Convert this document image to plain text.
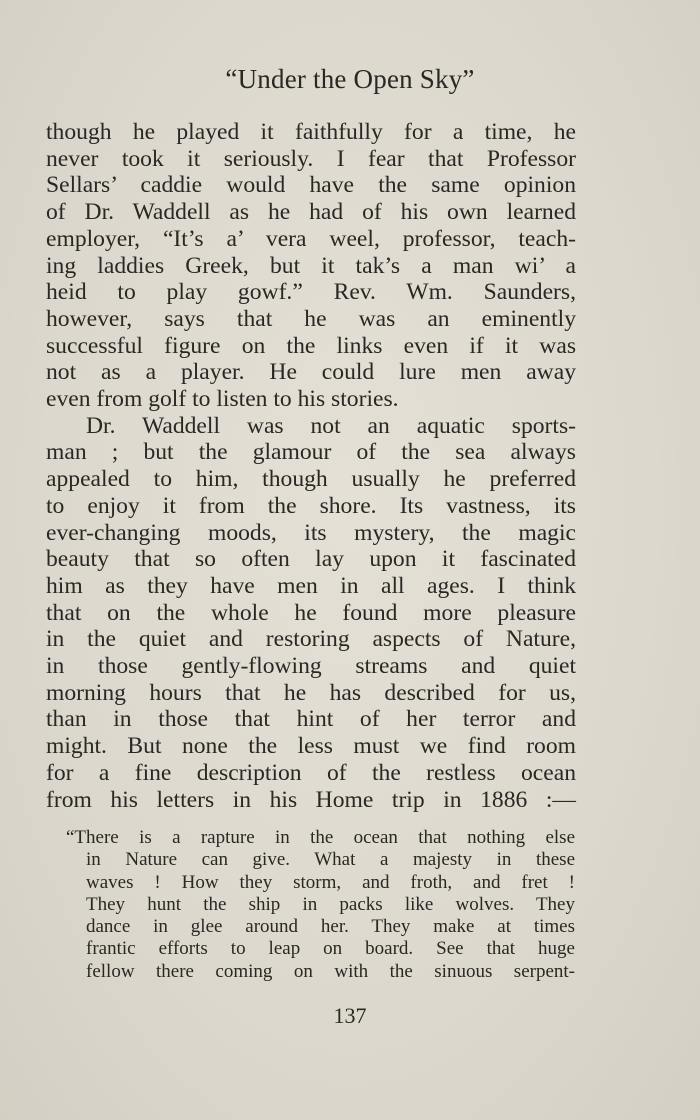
“Under the Open Sky”
though he played it faithfully for a time, he
never took it seriously. I fear that Professor
Sellars’ caddie would have the same opinion
of Dr. Waddell as he had of his own learned
employer, “It’s a’ vera weel, professor, teach-
ing laddies Greek, but it tak’s a man wi’ a
heid to play gowf.” Rev. Wm. Saunders,
however, says that he was an eminently
successful figure on the links even if it was
not as a player. He could lure men away
even from golf to listen to his stories.
Dr. Waddell was not an aquatic sports-
man ; but the glamour of the sea always
appealed to him, though usually he preferred
to enjoy it from the shore. Its vastness, its
ever-changing moods, its mystery, the magic
beauty that so often lay upon it fascinated
him as they have men in all ages. I think
that on the whole he found more pleasure
in the quiet and restoring aspects of Nature,
in those gently-flowing streams and quiet
morning hours that he has described for us,
than in those that hint of her terror and
might. But none the less must we find room
for a fine description of the restless ocean
from his letters in his Home trip in 1886 :—
“There is a rapture in the ocean that nothing else
in Nature can give. What a majesty in these
waves ! How they storm, and froth, and fret !
They hunt the ship in packs like wolves. They
dance in glee around her. They make at times
frantic efforts to leap on board. See that huge
fellow there coming on with the sinuous serpent-
137
